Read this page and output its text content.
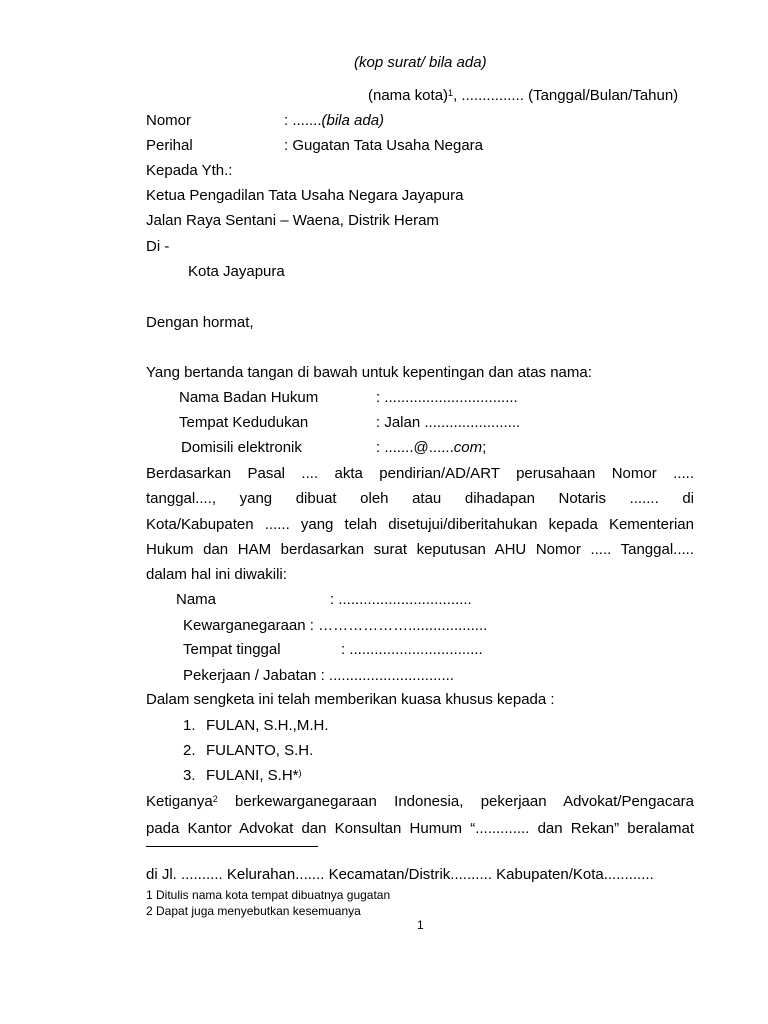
(kop surat/ bila ada)
(nama kota)$^1$, ............... (Tanggal/Bulan/Tahun)
Nomor	: .......(bila ada)
Perihal	: Gugatan Tata Usaha Negara
Kepada Yth.:
Ketua Pengadilan Tata Usaha Negara Jayapura
Jalan Raya Sentani – Waena, Distrik Heram
Di -
Kota Jayapura
Dengan hormat,
Yang bertanda tangan di bawah untuk kepentingan dan atas nama:
Nama Badan Hukum	: ................................
Tempat Kedudukan	: Jalan .......................
Domisili elektronik	: .......@......com;
Berdasarkan Pasal .... akta pendirian/AD/ART perusahaan Nomor .....
tanggal...., yang dibuat oleh atau dihadapan Notaris ....... di
Kota/Kabupaten ...... yang telah disetujui/diberitahukan kepada Kementerian
Hukum dan HAM berdasarkan surat keputusan AHU Nomor ..... Tanggal.....
dalam hal ini diwakili:
Nama	: ................................
Kewarganegaraan : ………………...................
Tempat tinggal	: ................................
Pekerjaan / Jabatan : ..............................
Dalam sengketa ini telah memberikan kuasa khusus kepada :
1. FULAN, S.H.,M.H.
2. FULANTO, S.H.
3. FULANI, S.H*)
Ketiganya$^2$ berkewarganegaraan Indonesia, pekerjaan Advokat/Pengacara
pada Kantor Advokat dan Konsultan Humum “............. dan Rekan” beralamat
di Jl. .......... Kelurahan....... Kecamatan/Distrik.......... Kabupaten/Kota............
1 Ditulis nama kota tempat dibuatnya gugatan
2 Dapat juga menyebutkan kesemuanya
1
